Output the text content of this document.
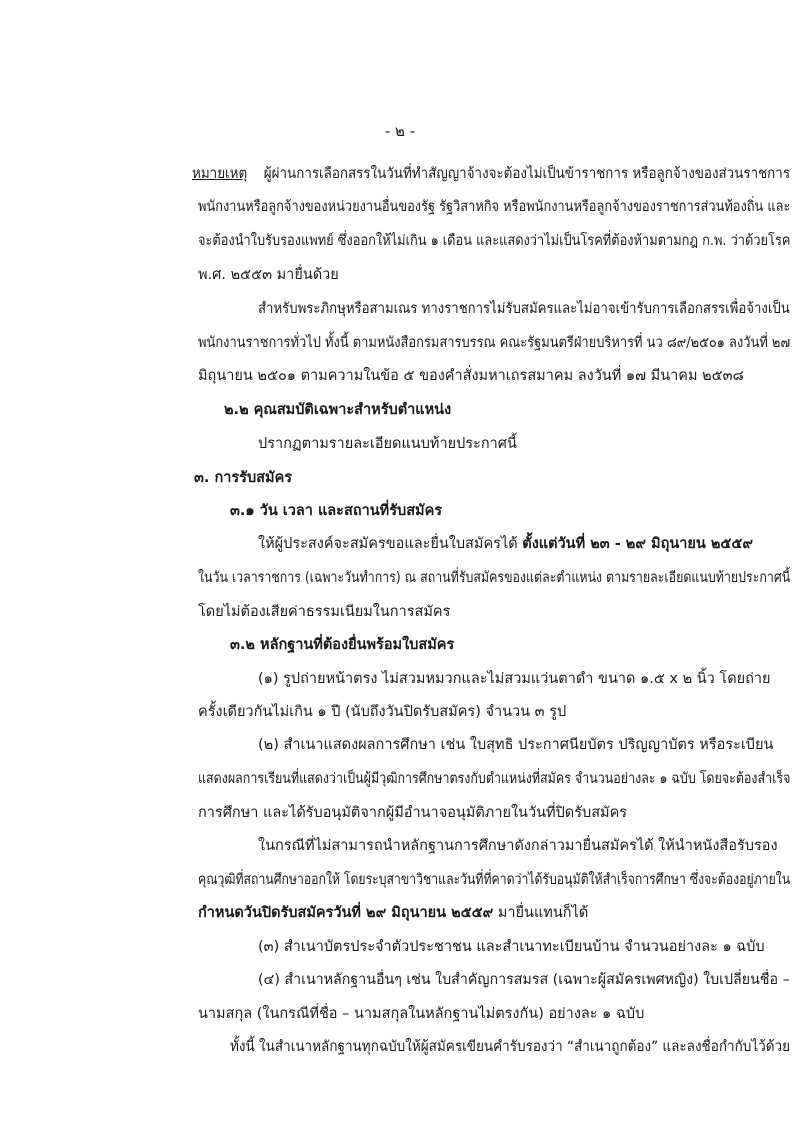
- ๒ -
หมายเหตุ ผู้ผ่านการเลือกสรรในวันที่ทำสัญญาจ้างจะต้องไม่เป็นข้าราชการ หรือลูกจ้างของส่วนราชการ
พนักงานหรือลูกจ้างของหน่วยงานอื่นของรัฐ รัฐวิสาหกิจ หรือพนักงานหรือลูกจ้างของราชการส่วนท้องถิ่น และ
จะต้องนำใบรับรองแพทย์ ซึ่งออกให้ไม่เกิน ๑ เดือน และแสดงว่าไม่เป็นโรคที่ต้องห้ามตามกฎ ก.พ. ว่าด้วยโรค
พ.ศ. ๒๕๕๓ มายื่นด้วย
สำหรับพระภิกษุหรือสามเณร ทางราชการไม่รับสมัครและไม่อาจเข้ารับการเลือกสรรเพื่อจ้างเป็น
พนักงานราชการทั่วไป ทั้งนี้ ตามหนังสือกรมสารบรรณ คณะรัฐมนตรีฝ่ายบริหารที่ นว ๘๙/๒๕๐๑ ลงวันที่ ๒๗
มิถุนายน ๒๕๐๑ ตามความในข้อ ๕ ของคำสั่งมหาเถรสมาคม ลงวันที่ ๑๗ มีนาคม ๒๕๓๘
๒.๒ คุณสมบัติเฉพาะสำหรับตำแหน่ง
ปรากฏตามรายละเอียดแนบท้ายประกาศนี้
๓. การรับสมัคร
๓.๑ วัน เวลา และสถานที่รับสมัคร
ให้ผู้ประสงค์จะสมัครขอและยื่นใบสมัครได้ ตั้งแต่วันที่ ๒๓ - ๒๙ มิถุนายน ๒๕๕๙
ในวัน เวลาราชการ (เฉพาะวันทำการ) ณ สถานที่รับสมัครของแต่ละตำแหน่ง ตามรายละเอียดแนบท้ายประกาศนี้
โดยไม่ต้องเสียค่าธรรมเนียมในการสมัคร
๓.๒ หลักฐานที่ต้องยื่นพร้อมใบสมัคร
(๑) รูปถ่ายหน้าตรง ไม่สวมหมวกและไม่สวมแว่นตาดำ ขนาด ๑.๕ x ๒ นิ้ว โดยถ่าย
ครั้งเดียวกันไม่เกิน ๑ ปี (นับถึงวันปิดรับสมัคร) จำนวน ๓ รูป
(๒) สำเนาแสดงผลการศึกษา เช่น ใบสุทธิ ประกาศนียบัตร ปริญญาบัตร หรือระเบียน
แสดงผลการเรียนที่แสดงว่าเป็นผู้มีวุฒิการศึกษาตรงกับตำแหน่งที่สมัคร จำนวนอย่างละ ๑ ฉบับ โดยจะต้องสำเร็จ
การศึกษา และได้รับอนุมัติจากผู้มีอำนาจอนุมัติภายในวันที่ปิดรับสมัคร
ในกรณีที่ไม่สามารถนำหลักฐานการศึกษาดังกล่าวมายื่นสมัครได้ ให้นำหนังสือรับรอง
คุณวุฒิที่สถานศึกษาออกให้ โดยระบุสาขาวิชาและวันที่ที่คาดว่าได้รับอนุมัติให้สำเร็จการศึกษา ซึ่งจะต้องอยู่ภายใน
กำหนดวันปิดรับสมัครวันที่ ๒๙ มิถุนายน ๒๕๕๙ มายื่นแทนก็ได้
(๓) สำเนาบัตรประจำตัวประชาชน และสำเนาทะเบียนบ้าน จำนวนอย่างละ ๑ ฉบับ
(๔) สำเนาหลักฐานอื่นๆ เช่น ใบสำคัญการสมรส (เฉพาะผู้สมัครเพศหญิง) ใบเปลี่ยนชื่อ –
นามสกุล (ในกรณีที่ชื่อ – นามสกุลในหลักฐานไม่ตรงกัน) อย่างละ ๑ ฉบับ
ทั้งนี้ ในสำเนาหลักฐานทุกฉบับให้ผู้สมัครเขียนคำรับรองว่า “สำเนาถูกต้อง” และลงชื่อกำกับไว้ด้วย
